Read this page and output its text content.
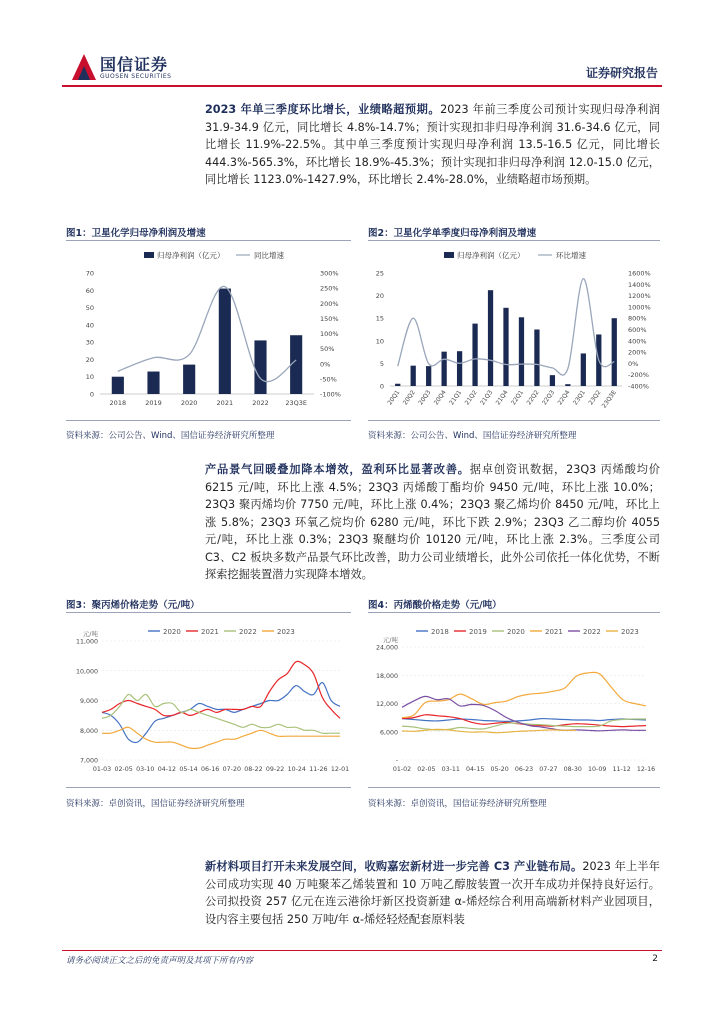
国信证券
GUOSEN SECURITIES	证券研究报告
2023 年单三季度环比增长，业绩略超预期。2023 年前三季度公司预计实现归母净利润 31.9-34.9 亿元，同比增长 4.8%-14.7%；预计实现扣非归母净利润 31.6-34.6 亿元，同比增长 11.9%-22.5%。其中单三季度预计实现归母净利润 13.5-16.5 亿元，同比增长 444.3%-565.3%，环比增长 18.9%-45.3%；预计实现扣非归母净利润 12.0-15.0 亿元，同比增长 1123.0%-1427.9%，环比增长 2.4%-28.0%，业绩略超市场预期。
图1：卫星化学归母净利润及增速
归母净利润（亿元）	同比增速
0
10
20
30
40
50
60
70
-100%
-50%
0%
50%
100%
150%
200%
250%
300%
2018	2019	2020	2021	2022	23Q3E
资料来源：公司公告、Wind、国信证券经济研究所整理
图2：卫星化学单季度归母净利润及增速
归母净利润（亿元）	环比增速
0
5
10
15
20
25
-400%
-200%
0%
200%
400%
600%
800%
1000%
1200%
1400%
1600%
20Q1 20Q2 20Q3 20Q4 21Q1 21Q2 21Q3 21Q4 22Q1 22Q2 22Q3 22Q4 23Q1 23Q2
23Q3E
资料来源：公司公告、Wind、国信证券经济研究所整理
产品景气回暖叠加降本增效，盈利环比显著改善。据卓创资讯数据，23Q3 丙烯酸均价 6215 元/吨，环比上涨 4.5%；23Q3 丙烯酸丁酯均价 9450 元/吨，环比上涨 10.0%；23Q3 聚丙烯均价 7750 元/吨，环比上涨 0.4%；23Q3 聚乙烯均价 8450 元/吨，环比上涨 5.8%；23Q3 环氧乙烷均价 6280 元/吨，环比下跌 2.9%；23Q3 乙二醇均价 4055 元/吨，环比上涨 0.3%；23Q3 聚醚均价 10120 元/吨，环比上涨 2.3%。三季度公司 C3、C2 板块多数产品景气环比改善，助力公司业绩增长，此外公司依托一体化优势，不断探索挖掘装置潜力实现降本增效。
图3：聚丙烯价格走势（元/吨）
元/吨	2020	2021	2022	2023
7,000
8,000
9,000
10,000
11,000
01-03 02-05 03-10 04-12 05-14 06-16 07-20 08-22 09-22 10-24 11-26 12-01
资料来源：卓创资讯，国信证券经济研究所整理
图4：丙烯酸价格走势（元/吨）
元/吨
2018	2019	2020	2021	2022	2023
-
6,000
12,000
18,000
24,000
01-02 02-05 03-11 04-15 05-20 06-23 07-27 08-30 10-09 11-12 12-16
资料来源：卓创资讯，国信证券经济研究所整理
新材料项目打开未来发展空间，收购嘉宏新材进一步完善 C3 产业链布局。2023 年上半年公司成功实现 40 万吨聚苯乙烯装置和 10 万吨乙醇胺装置一次开车成功并保持良好运行。公司拟投资 257 亿元在连云港徐圩新区投资新建 α-烯烃综合利用高端新材料产业园项目，设内容主要包括 250 万吨/年 α-烯烃轻烃配套原料装
请务必阅读正文之后的免责声明及其项下所有内容	2
